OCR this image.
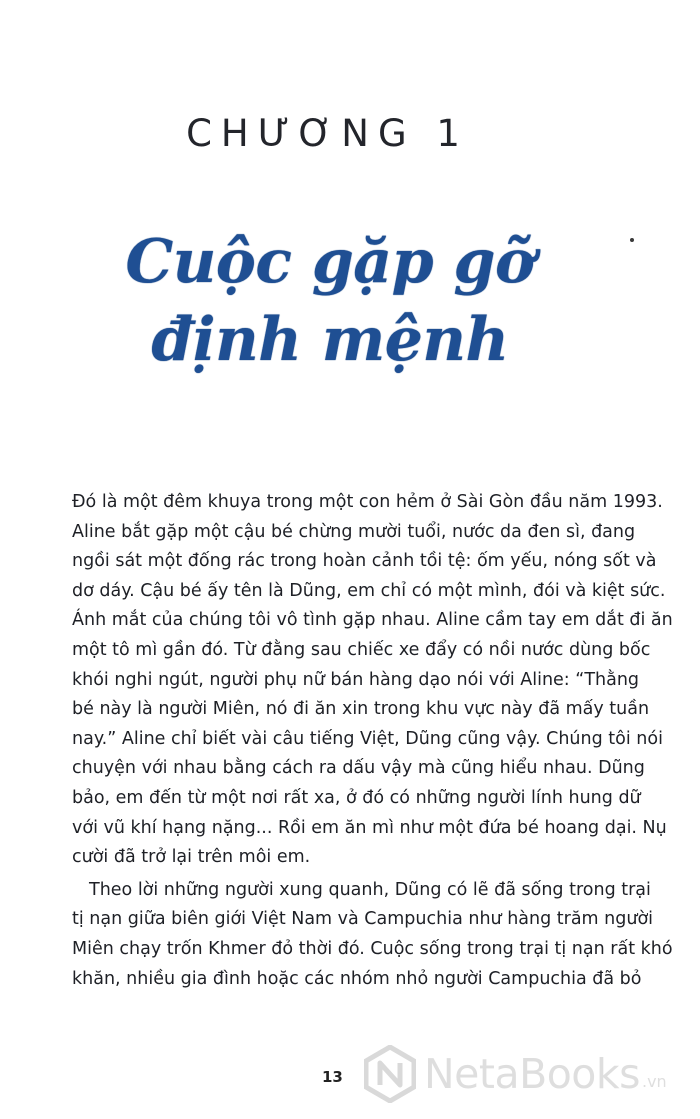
CHƯƠNG 1
Cuộc gặp gỡ
định mệnh
Đó là một đêm khuya trong một con hẻm ở Sài Gòn đầu năm 1993.
Aline bắt gặp một cậu bé chừng mười tuổi, nước da đen sì, đang
ngồi sát một đống rác trong hoàn cảnh tồi tệ: ốm yếu, nóng sốt và
dơ dáy. Cậu bé ấy tên là Dũng, em chỉ có một mình, đói và kiệt sức.
Ánh mắt của chúng tôi vô tình gặp nhau. Aline cầm tay em dắt đi ăn
một tô mì gần đó. Từ đằng sau chiếc xe đẩy có nồi nước dùng bốc
khói nghi ngút, người phụ nữ bán hàng dạo nói với Aline: “Thằng
bé này là người Miên, nó đi ăn xin trong khu vực này đã mấy tuần
nay.” Aline chỉ biết vài câu tiếng Việt, Dũng cũng vậy. Chúng tôi nói
chuyện với nhau bằng cách ra dấu vậy mà cũng hiểu nhau. Dũng
bảo, em đến từ một nơi rất xa, ở đó có những người lính hung dữ
với vũ khí hạng nặng... Rồi em ăn mì như một đứa bé hoang dại. Nụ
cười đã trở lại trên môi em.
Theo lời những người xung quanh, Dũng có lẽ đã sống trong trại
tị nạn giữa biên giới Việt Nam và Campuchia như hàng trăm người
Miên chạy trốn Khmer đỏ thời đó. Cuộc sống trong trại tị nạn rất khó
khăn, nhiều gia đình hoặc các nhóm nhỏ người Campuchia đã bỏ
13 NetaBooks .vn
